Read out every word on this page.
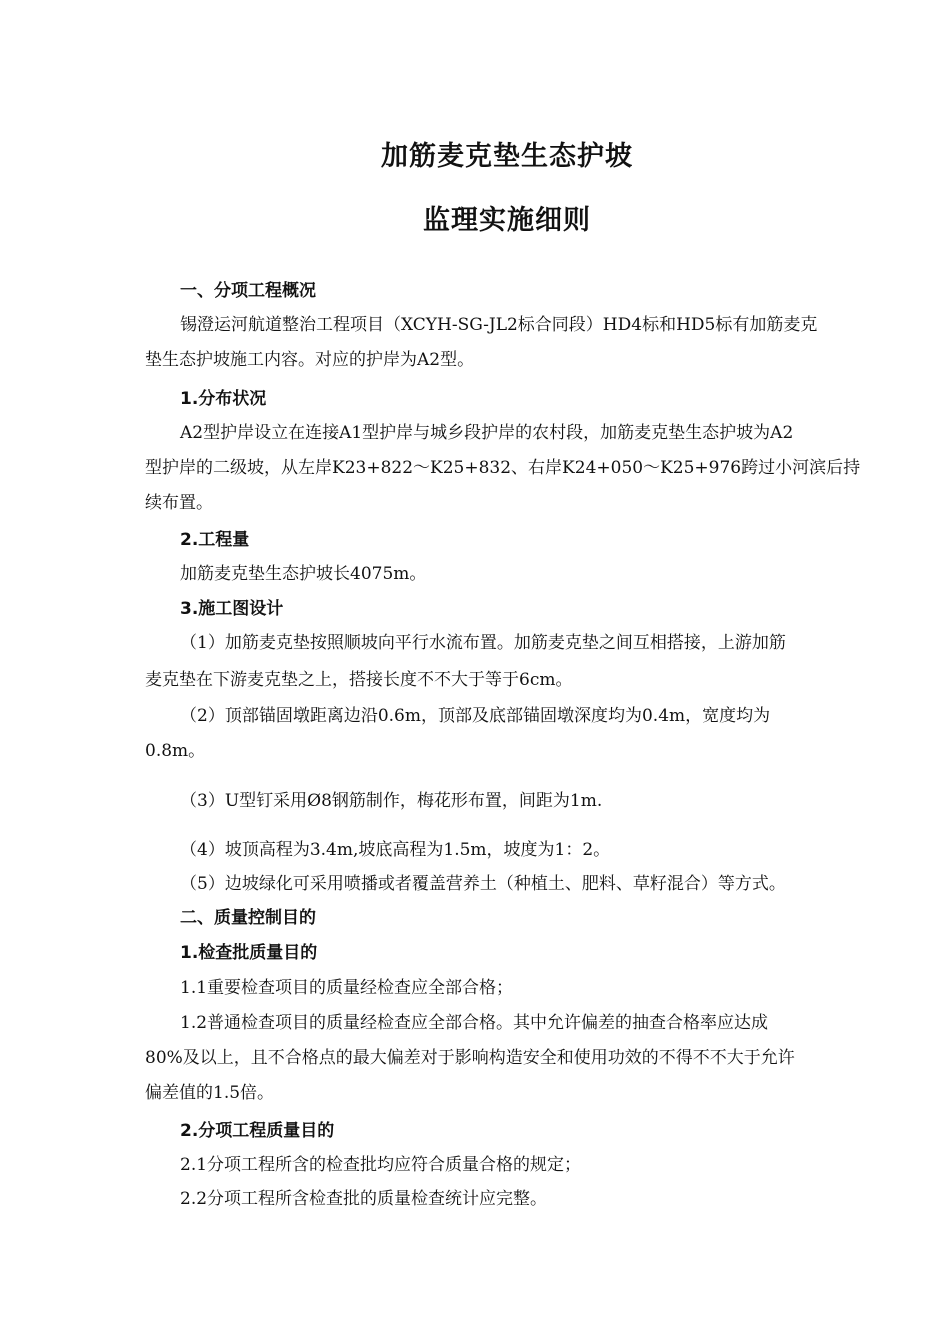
加筋麦克垫生态护坡
监理实施细则
一、分项工程概况
锡澄运河航道整治工程项目（XCYH-SG-JL2标合同段）HD4标和HD5标有加筋麦克
垫生态护坡施工内容。对应的护岸为A2型。
1.分布状况
A2型护岸设立在连接A1型护岸与城乡段护岸的农村段，加筋麦克垫生态护坡为A2
型护岸的二级坡，从左岸K23+822～K25+832、右岸K24+050～K25+976跨过小河滨后持
续布置。
2.工程量
加筋麦克垫生态护坡长4075m。
3.施工图设计
（1）加筋麦克垫按照顺坡向平行水流布置。加筋麦克垫之间互相搭接，上游加筋
麦克垫在下游麦克垫之上，搭接长度不不大于等于6cm。
（2）顶部锚固墩距离边沿0.6m，顶部及底部锚固墩深度均为0.4m，宽度均为
0.8m。
（3）U型钉采用Ø8钢筋制作，梅花形布置，间距为1m.
（4）坡顶高程为3.4m,坡底高程为1.5m，坡度为1：2。
（5）边坡绿化可采用喷播或者覆盖营养土（种植土、肥料、草籽混合）等方式。
二、质量控制目的
1.检查批质量目的
1.1重要检查项目的质量经检查应全部合格；
1.2普通检查项目的质量经检查应全部合格。其中允许偏差的抽查合格率应达成
80%及以上，且不合格点的最大偏差对于影响构造安全和使用功效的不得不不大于允许
偏差值的1.5倍。
2.分项工程质量目的
2.1分项工程所含的检查批均应符合质量合格的规定；
2.2分项工程所含检查批的质量检查统计应完整。
